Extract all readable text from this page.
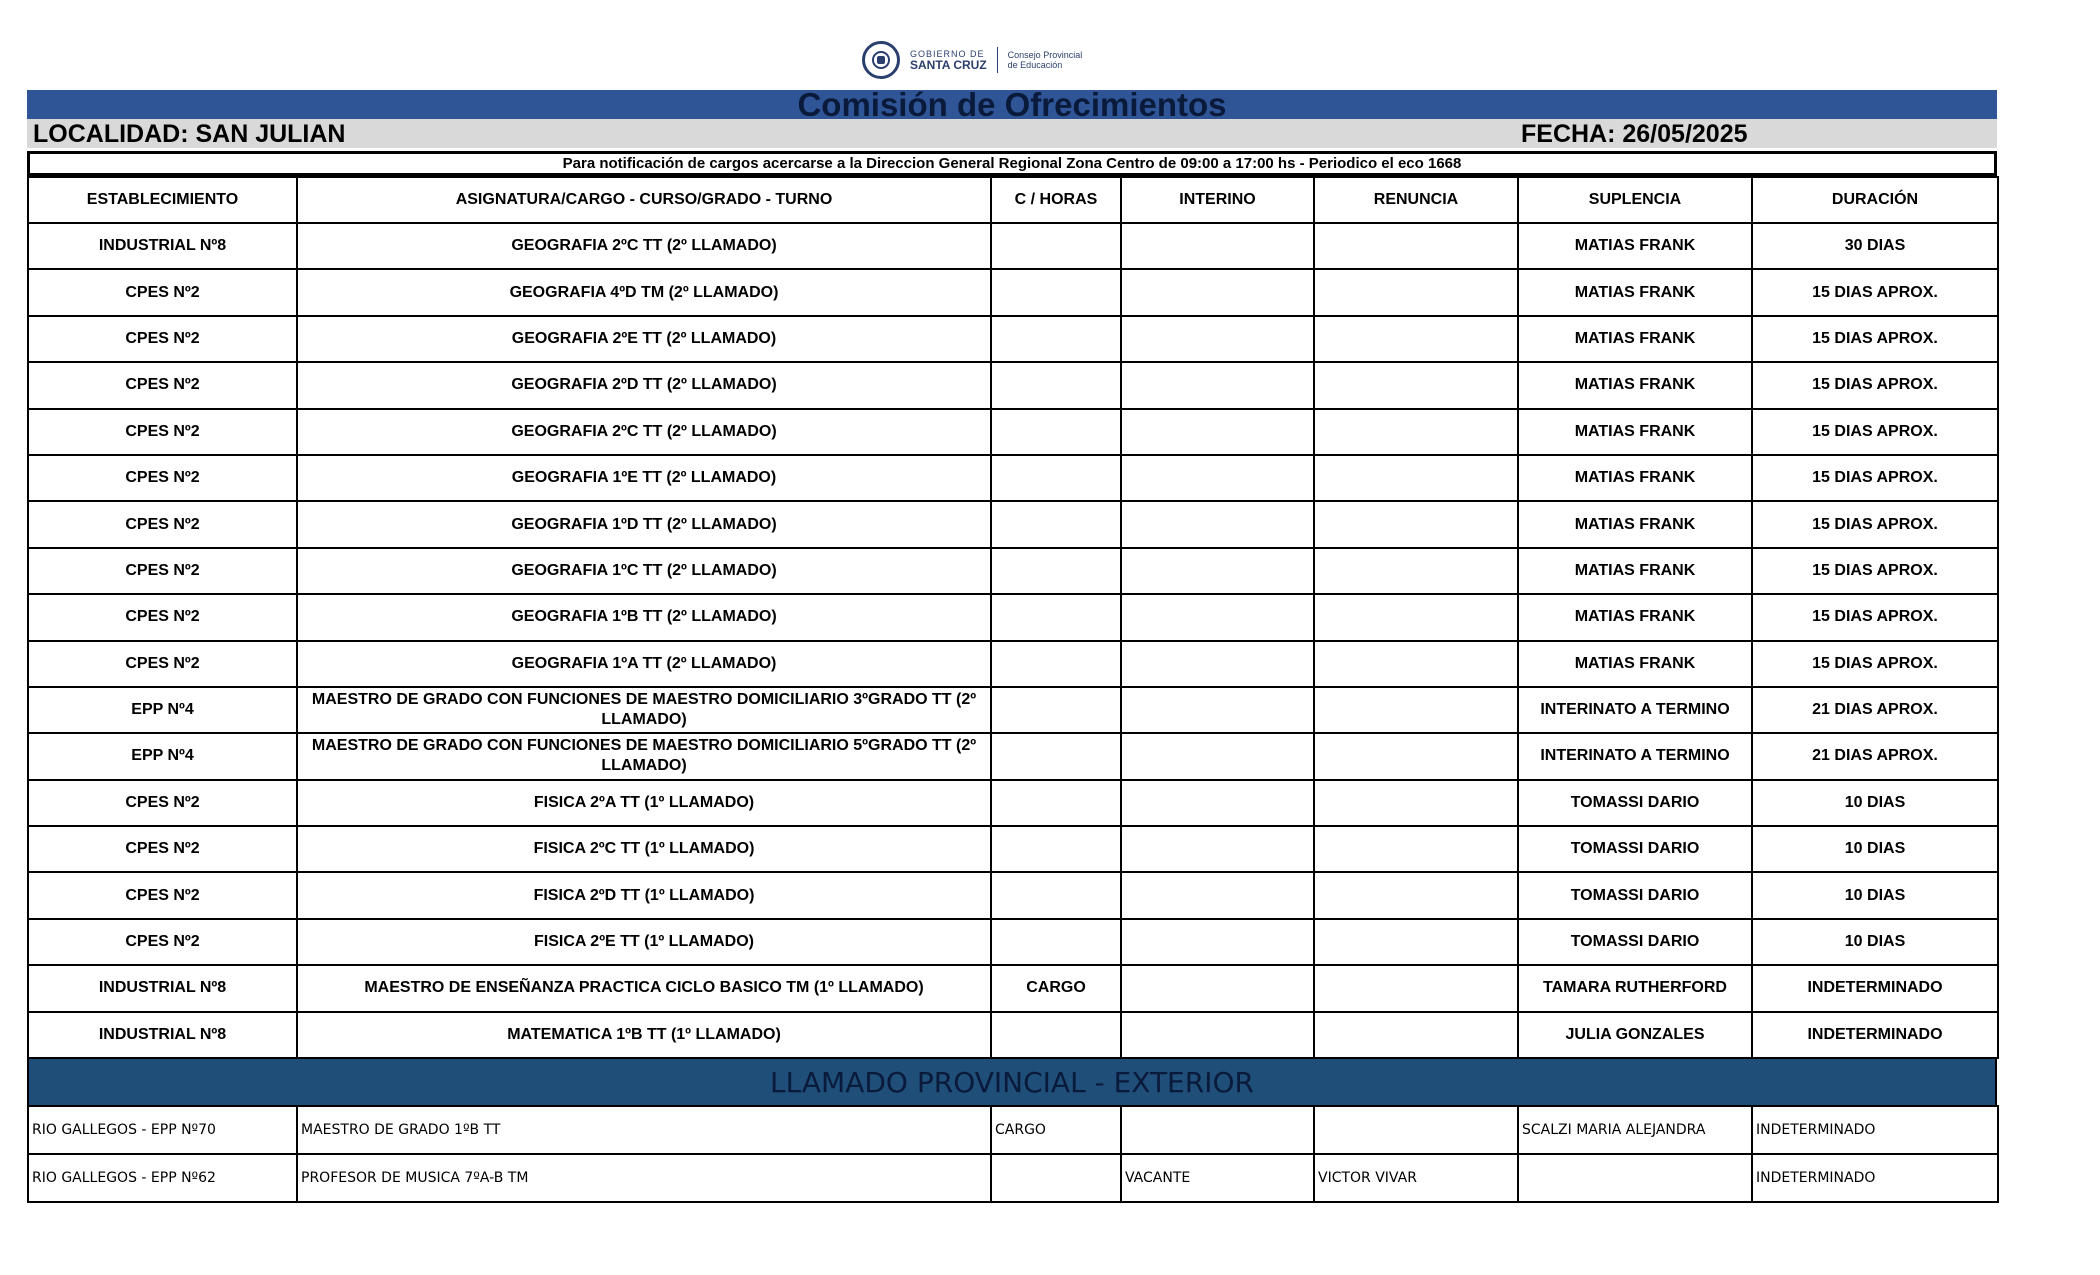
GOBIERNO DE
SANTA CRUZ
Consejo Provincial
de Educación
Comisión de Ofrecimientos
LOCALIDAD: SAN JULIAN	FECHA: 26/05/2025
Para notificación de cargos acercarse a la Direccion General Regional Zona Centro de 09:00 a 17:00 hs - Periodico el eco 1668
ESTABLECIMIENTO	ASIGNATURA/CARGO - CURSO/GRADO - TURNO	C / HORAS	INTERINO	RENUNCIA	SUPLENCIA	DURACIÓN
INDUSTRIAL Nº8	GEOGRAFIA 2ºC TT (2º LLAMADO)				MATIAS FRANK	30 DIAS
CPES Nº2	GEOGRAFIA 4ºD TM (2º LLAMADO)				MATIAS FRANK	15 DIAS APROX.
CPES Nº2	GEOGRAFIA 2ºE TT (2º LLAMADO)				MATIAS FRANK	15 DIAS APROX.
CPES Nº2	GEOGRAFIA 2ºD TT (2º LLAMADO)				MATIAS FRANK	15 DIAS APROX.
CPES Nº2	GEOGRAFIA 2ºC TT (2º LLAMADO)				MATIAS FRANK	15 DIAS APROX.
CPES Nº2	GEOGRAFIA 1ºE TT (2º LLAMADO)				MATIAS FRANK	15 DIAS APROX.
CPES Nº2	GEOGRAFIA 1ºD TT (2º LLAMADO)				MATIAS FRANK	15 DIAS APROX.
CPES Nº2	GEOGRAFIA 1ºC TT (2º LLAMADO)				MATIAS FRANK	15 DIAS APROX.
CPES Nº2	GEOGRAFIA 1ºB TT (2º LLAMADO)				MATIAS FRANK	15 DIAS APROX.
CPES Nº2	GEOGRAFIA 1ºA TT (2º LLAMADO)				MATIAS FRANK	15 DIAS APROX.
EPP Nº4	MAESTRO DE GRADO CON FUNCIONES DE MAESTRO DOMICILIARIO 3ºGRADO TT (2º LLAMADO)				INTERINATO A TERMINO	21 DIAS APROX.
EPP Nº4	MAESTRO DE GRADO CON FUNCIONES DE MAESTRO DOMICILIARIO 5ºGRADO TT (2º LLAMADO)				INTERINATO A TERMINO	21 DIAS APROX.
CPES Nº2	FISICA 2ºA TT (1º LLAMADO)				TOMASSI DARIO	10 DIAS
CPES Nº2	FISICA 2ºC TT (1º LLAMADO)				TOMASSI DARIO	10 DIAS
CPES Nº2	FISICA 2ºD TT (1º LLAMADO)				TOMASSI DARIO	10 DIAS
CPES Nº2	FISICA 2ºE TT (1º LLAMADO)				TOMASSI DARIO	10 DIAS
INDUSTRIAL Nº8	MAESTRO DE ENSEÑANZA PRACTICA CICLO BASICO TM (1º LLAMADO)	CARGO			TAMARA RUTHERFORD	INDETERMINADO
INDUSTRIAL Nº8	MATEMATICA 1ºB TT (1º LLAMADO)				JULIA GONZALES	INDETERMINADO
LLAMADO PROVINCIAL - EXTERIOR
RIO GALLEGOS - EPP Nº70	MAESTRO DE GRADO 1ºB TT	CARGO			SCALZI MARIA ALEJANDRA	INDETERMINADO
RIO GALLEGOS - EPP Nº62	PROFESOR DE MUSICA 7ºA-B TM		VACANTE	VICTOR VIVAR		INDETERMINADO
